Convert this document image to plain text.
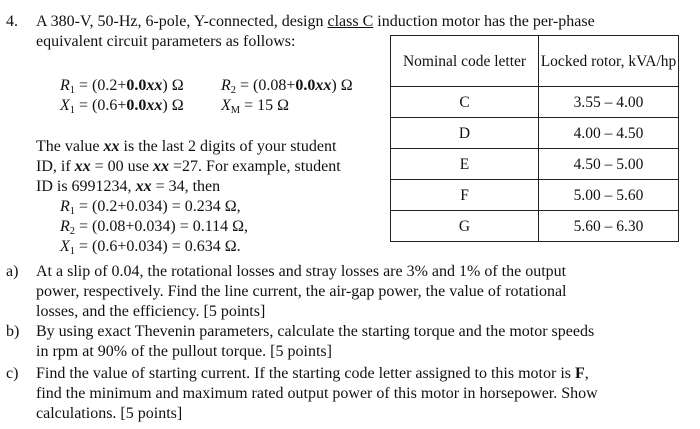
4. A 380-V, 50-Hz, 6-pole, Y-connected, design class C induction motor has the per-phase
equivalent circuit parameters as follows:
$R_1 = (0.2+0.0xx)$ Ω $R_2 = (0.08+0.0xx)$ Ω
$X_1 = (0.6+0.0xx)$ Ω $X_M = 15$ Ω
Nominal code letter	Locked rotor, kVA/hp
C	3.55 – 4.00
D	4.00 – 4.50
E	4.50 – 5.00
F	5.00 – 5.60
G	5.60 – 6.30
The value xx is the last 2 digits of your student
ID, if xx = 00 use xx =27. For example, student
ID is 6991234, xx = 34, then
$R_1 = (0.2+0.034) = 0.234$ Ω,
$R_2 = (0.08+0.034) = 0.114$ Ω,
$X_1 = (0.6+0.034) = 0.634$ Ω.
a) At a slip of 0.04, the rotational losses and stray losses are 3% and 1% of the output
power, respectively. Find the line current, the air-gap power, the value of rotational
losses, and the efficiency. [5 points]
b) By using exact Thevenin parameters, calculate the starting torque and the motor speeds
in rpm at 90% of the pullout torque. [5 points]
c) Find the value of starting current. If the starting code letter assigned to this motor is F,
find the minimum and maximum rated output power of this motor in horsepower. Show
calculations. [5 points]
